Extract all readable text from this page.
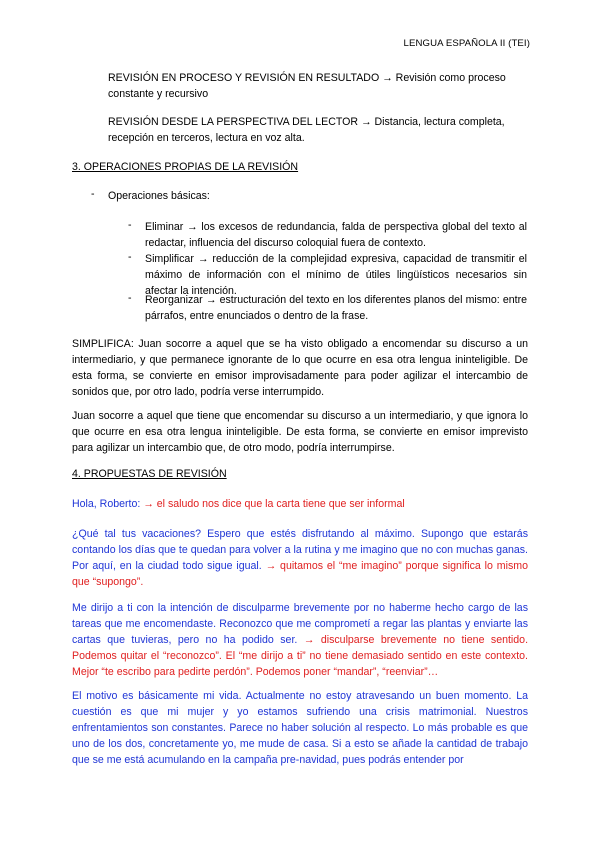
LENGUA ESPAÑOLA II (TEI)

REVISIÓN EN PROCESO Y REVISIÓN EN RESULTADO → Revisión como proceso constante y recursivo

REVISIÓN DESDE LA PERSPECTIVA DEL LECTOR → Distancia, lectura completa, recepción en terceros, lectura en voz alta.

3. OPERACIONES PROPIAS DE LA REVISIÓN

- Operaciones básicas:

- Eliminar → los excesos de redundancia, falda de perspectiva global del texto al redactar, influencia del discurso coloquial fuera de contexto.

- Simplificar → reducción de la complejidad expresiva, capacidad de transmitir el máximo de información con el mínimo de útiles lingüísticos necesarios sin afectar la intención.

- Reorganizar → estructuración del texto en los diferentes planos del mismo: entre párrafos, entre enunciados o dentro de la frase.

SIMPLIFICA: Juan socorre a aquel que se ha visto obligado a encomendar su discurso a un intermediario, y que permanece ignorante de lo que ocurre en esa otra lengua ininteligible. De esta forma, se convierte en emisor improvisadamente para poder agilizar el intercambio de sonidos que, por otro lado, podría verse interrumpido.

Juan socorre a aquel que tiene que encomendar su discurso a un intermediario, y que ignora lo que ocurre en esa otra lengua ininteligible. De esta forma, se convierte en emisor imprevisto para agilizar un intercambio que, de otro modo, podría interrumpirse.

4. PROPUESTAS DE REVISIÓN

Hola, Roberto: → el saludo nos dice que la carta tiene que ser informal

¿Qué tal tus vacaciones? Espero que estés disfrutando al máximo. Supongo que estarás contando los días que te quedan para volver a la rutina y me imagino que no con muchas ganas. Por aquí, en la ciudad todo sigue igual. → quitamos el “me imagino” porque significa lo mismo que “supongo”.

Me dirijo a ti con la intención de disculparme brevemente por no haberme hecho cargo de las tareas que me encomendaste. Reconozco que me comprometí a regar las plantas y enviarte las cartas que tuvieras, pero no ha podido ser. → disculparse brevemente no tiene sentido. Podemos quitar el “reconozco”. El “me dirijo a ti” no tiene demasiado sentido en este contexto. Mejor “te escribo para pedirte perdón”. Podemos poner “mandar”, “reenviar”…

El motivo es básicamente mi vida. Actualmente no estoy atravesando un buen momento. La cuestión es que mi mujer y yo estamos sufriendo una crisis matrimonial. Nuestros enfrentamientos son constantes. Parece no haber solución al respecto. Lo más probable es que uno de los dos, concretamente yo, me mude de casa. Si a esto se añade la cantidad de trabajo que se me está acumulando en la campaña pre-navidad, pues podrás entender por
